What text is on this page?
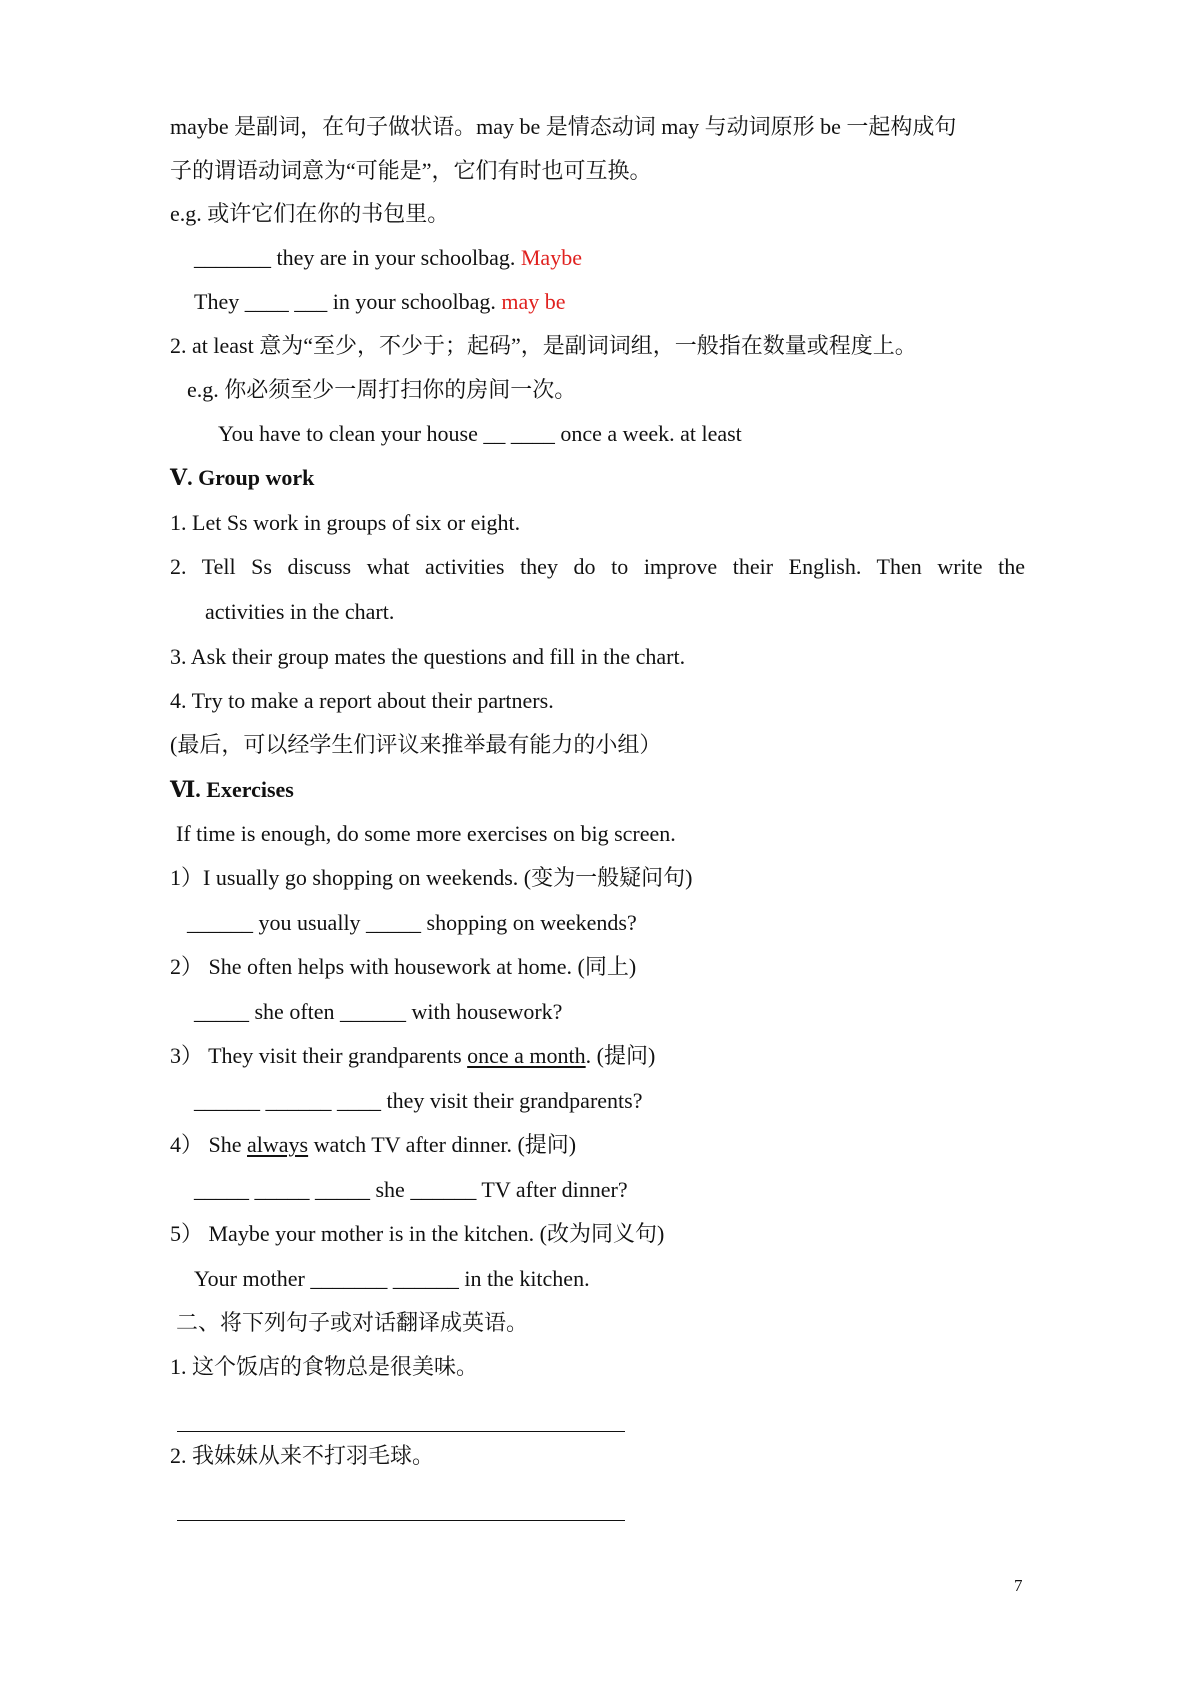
maybe 是副词，在句子做状语。may be 是情态动词 may 与动词原形 be 一起构成句
子的谓语动词意为“可能是”，它们有时也可互换。
e.g. 或许它们在你的书包里。
_______ they are in your schoolbag. Maybe
They ____ ___ in your schoolbag. may be
2. at least 意为“至少，不少于；起码”，是副词词组，一般指在数量或程度上。
e.g. 你必须至少一周打扫你的房间一次。
You have to clean your house __ ____ once a week. at least
Ⅴ. Group work
1. Let Ss work in groups of six or eight.
2. Tell Ss discuss what activities they do to improve their English. Then write the
activities in the chart.
3. Ask their group mates the questions and fill in the chart.
4. Try to make a report about their partners.
(最后，可以经学生们评议来推举最有能力的小组）
Ⅵ. Exercises
If time is enough, do some more exercises on big screen.
1）I usually go shopping on weekends. (变为一般疑问句)
______ you usually _____ shopping on weekends?
2） She often helps with housework at home. (同上)
_____ she often ______ with housework?
3） They visit their grandparents once a month. (提问)
______ ______ ____ they visit their grandparents?
4） She always watch TV after dinner. (提问)
_____ _____ _____ she ______ TV after dinner?
5） Maybe your mother is in the kitchen. (改为同义句)
Your mother _______ ______ in the kitchen.
二、将下列句子或对话翻译成英语。
1. 这个饭店的食物总是很美味。
2. 我妹妹从来不打羽毛球。
7
